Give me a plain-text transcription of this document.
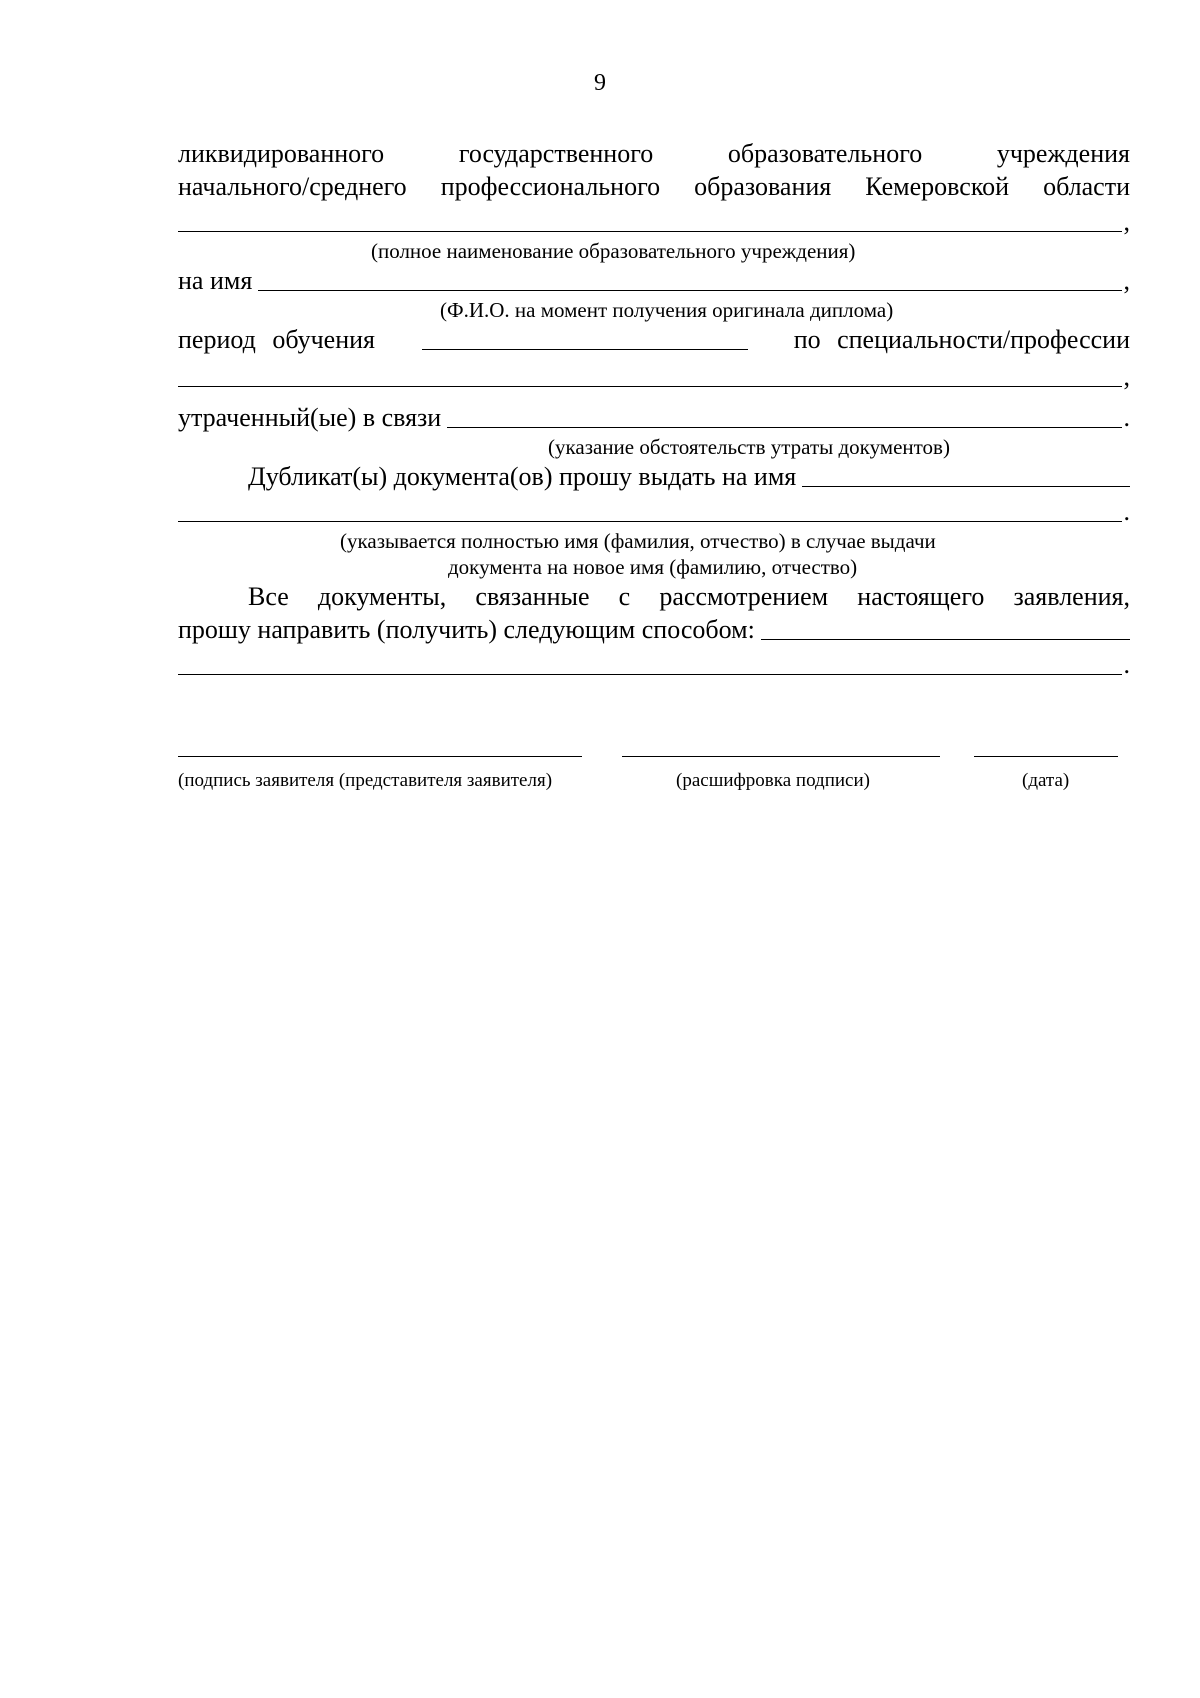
9
ликвидированного государственного образовательного учреждения
начального/среднего профессионального образования Кемеровской области
,
(полное наименование образовательного учреждения)
на имя	,
(Ф.И.О. на момент получения оригинала диплома)
период обучения	по специальности/профессии
,
утраченный(ые) в связи	.
(указание обстоятельств утраты документов)
Дубликат(ы) документа(ов) прошу выдать на имя
.
(указывается полностью имя (фамилия, отчество) в случае выдачи
документа на новое имя (фамилию, отчество)
Все документы, связанные с рассмотрением настоящего заявления,
прошу направить (получить) следующим способом:
.
(подпись заявителя (представителя заявителя)	(расшифровка подписи)	(дата)
